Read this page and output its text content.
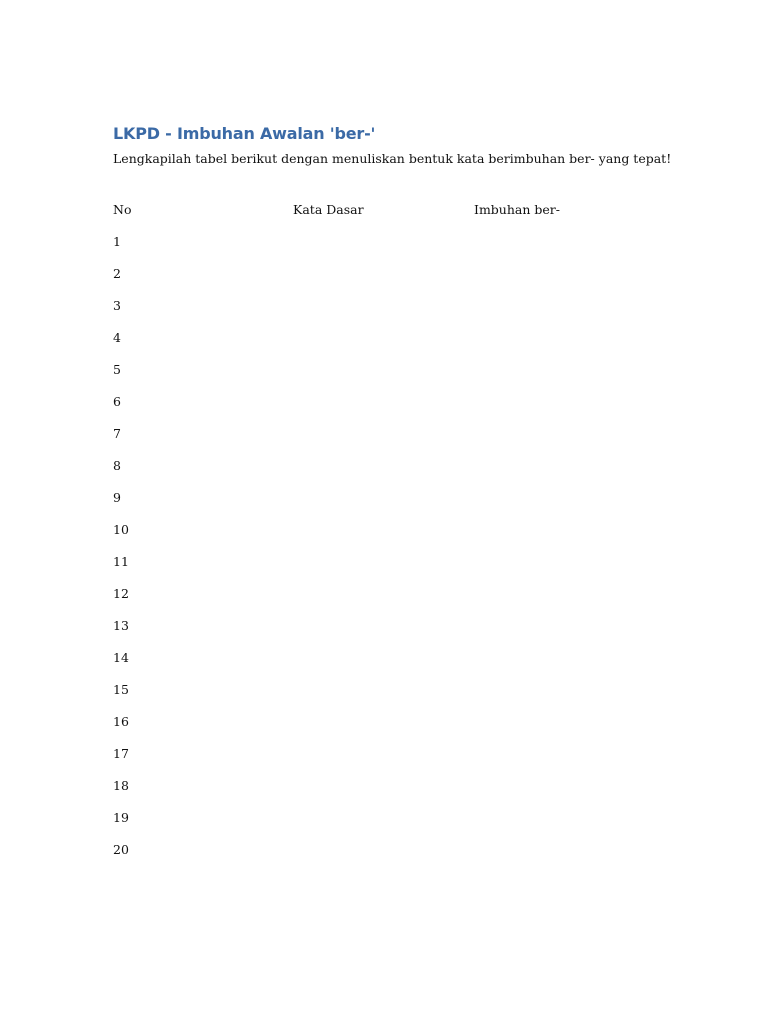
LKPD - Imbuhan Awalan 'ber-'
Lengkapilah tabel berikut dengan menuliskan bentuk kata berimbuhan ber- yang tepat!
No	Kata Dasar	Imbuhan ber-
1
2
3
4
5
6
7
8
9
10
11
12
13
14
15
16
17
18
19
20
